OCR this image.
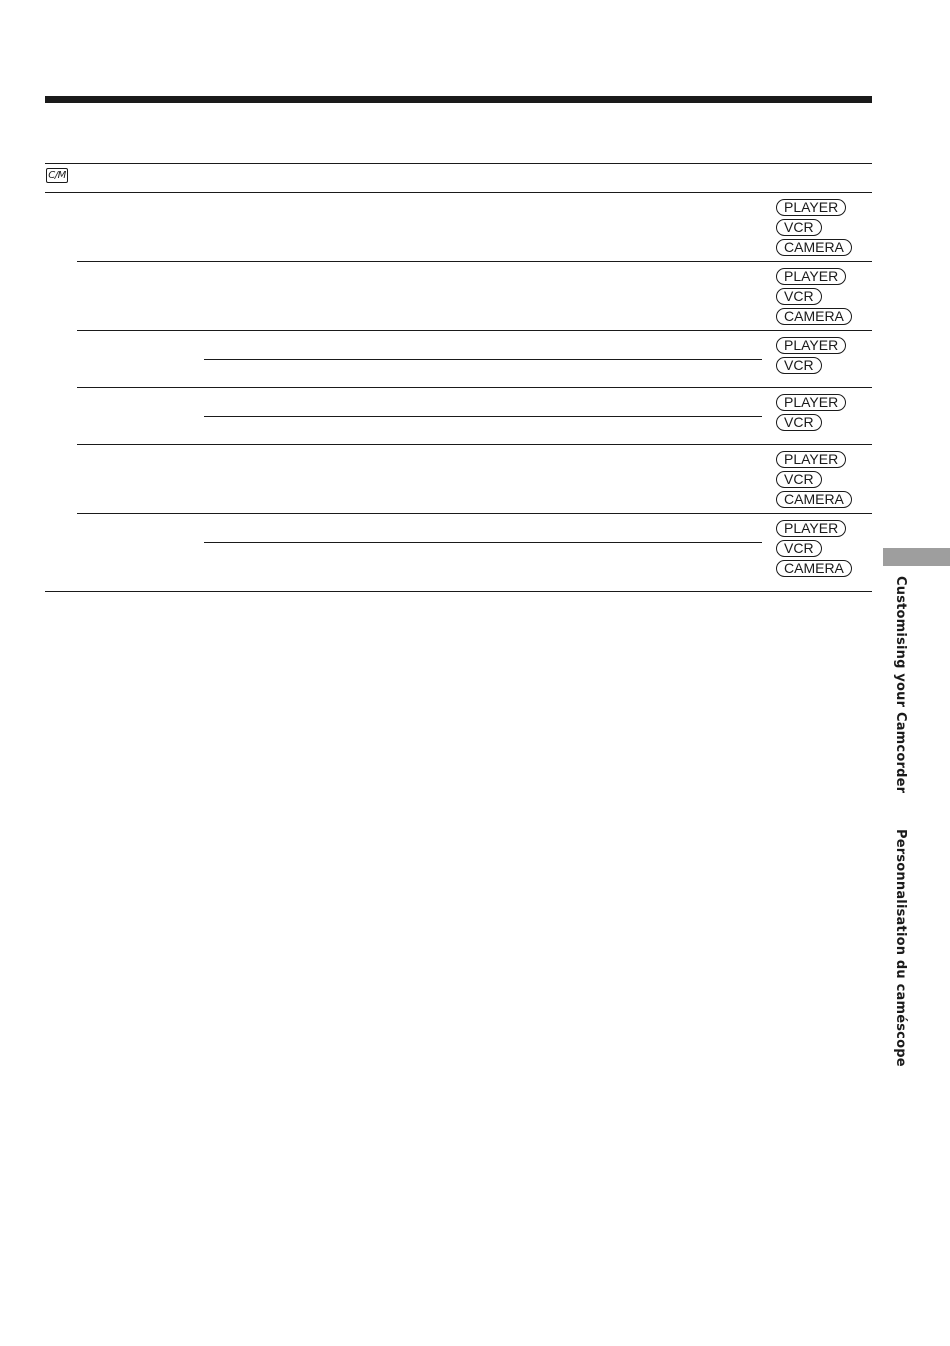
C/M
PLAYER
VCR
CAMERA
PLAYER
VCR
CAMERA
PLAYER
VCR
PLAYER
VCR
PLAYER
VCR
CAMERA
PLAYER
VCR
CAMERA
Customising your Camcorder
Personnalisation du caméscope
